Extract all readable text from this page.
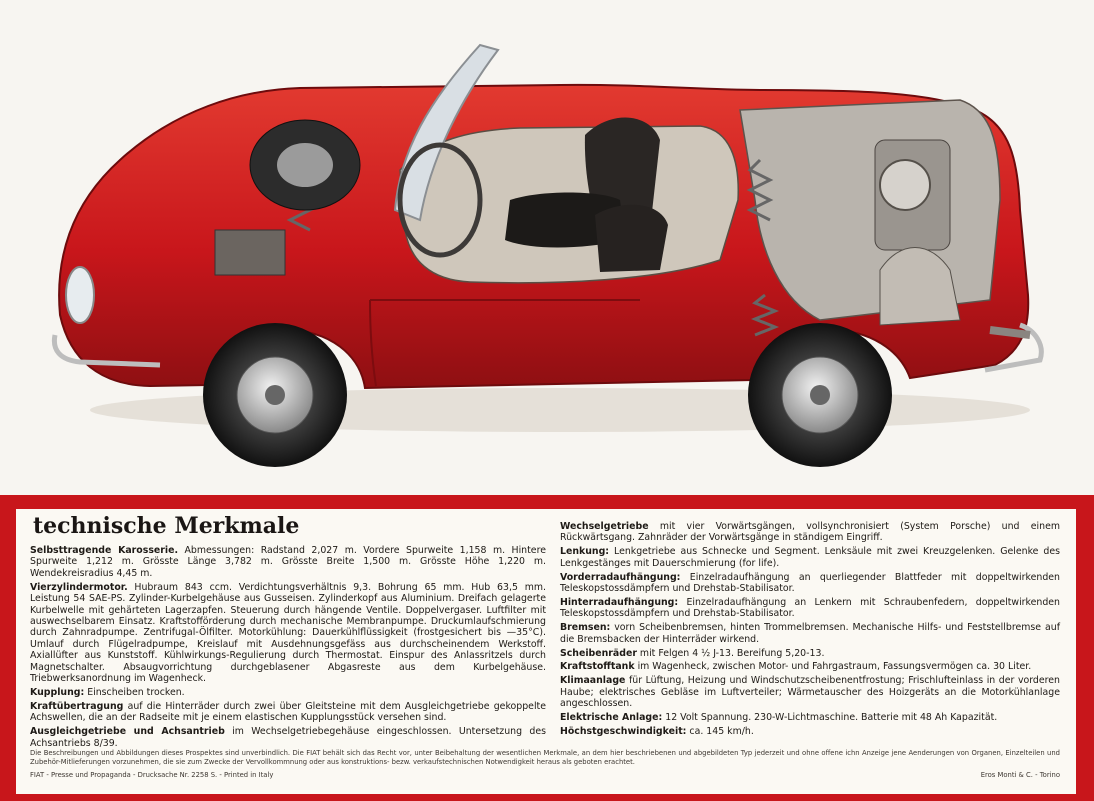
technische Merkmale

Selbsttragende Karosserie. Abmessungen: Radstand 2,027 m. Vordere Spurweite 1,158 m. Hintere Spurweite 1,212 m. Grösste Länge 3,782 m. Grösste Breite 1,500 m. Grösste Höhe 1,220 m. Wendekreisradius 4,45 m.

Vierzylindermotor. Hubraum 843 ccm. Verdichtungsverhältnis 9,3. Bohrung 65 mm. Hub 63,5 mm. Leistung 54 SAE-PS. Zylinder-Kurbelgehäuse aus Gusseisen. Zylinderkopf aus Aluminium. Dreifach gelagerte Kurbelwelle mit gehärteten Lagerzapfen. Steuerung durch hängende Ventile. Doppelvergaser. Luftfilter mit auswechselbarem Einsatz. Kraftstofförderung durch mechanische Membranpumpe. Druckumlaufschmierung durch Zahnradpumpe. Zentrifugal-Ölfilter. Motorkühlung: Dauerkühlflüssigkeit (frostgesichert bis —35°C). Umlauf durch Flügelradpumpe, Kreislauf mit Ausdehnungsgefäss aus durchscheinendem Werkstoff. Axiallüfter aus Kunststoff. Kühlwirkungs-Regulierung durch Thermostat. Einspur des Anlassritzels durch Magnetschalter. Absaugvorrichtung durchgeblasener Abgasreste aus dem Kurbelgehäuse. Triebwerksanordnung im Wagenheck.

Kupplung: Einscheiben trocken.

Kraftübertragung auf die Hinterräder durch zwei über Gleitsteine mit dem Ausgleichgetriebe gekoppelte Achswellen, die an der Radseite mit je einem elastischen Kupplungsstück versehen sind.

Ausgleichgetriebe und Achsantrieb im Wechselgetriebegehäuse eingeschlossen. Untersetzung des Achsantriebs 8/39.

Wechselgetriebe mit vier Vorwärtsgängen, vollsynchronisiert (System Porsche) und einem Rückwärtsgang. Zahnräder der Vorwärtsgänge in ständigem Eingriff.

Lenkung: Lenkgetriebe aus Schnecke und Segment. Lenksäule mit zwei Kreuzgelenken. Gelenke des Lenkgestänges mit Dauerschmierung (for life).

Vorderradaufhängung: Einzelradaufhängung an querliegender Blattfeder mit doppeltwirkenden Teleskopstossdämpfern und Drehstab-Stabilisator.

Hinterradaufhängung: Einzelradaufhängung an Lenkern mit Schraubenfedern, doppeltwirkenden Teleskopstossdämpfern und Drehstab-Stabilisator.

Bremsen: vorn Scheibenbremsen, hinten Trommelbremsen. Mechanische Hilfs- und Feststellbremse auf die Bremsbacken der Hinterräder wirkend.

Scheibenräder mit Felgen 4 ½ J-13. Bereifung 5,20-13.

Kraftstofftank im Wagenheck, zwischen Motor- und Fahrgastraum, Fassungsvermögen ca. 30 Liter.

Klimaanlage für Lüftung, Heizung und Windschutzscheibenentfrostung; Frischlufteinlass in der vorderen Haube; elektrisches Gebläse im Luftverteiler; Wärmetauscher des Hoizgeräts an die Motorkühlanlage angeschlossen.

Elektrische Anlage: 12 Volt Spannung. 230-W-Lichtmaschine. Batterie mit 48 Ah Kapazität.

Höchstgeschwindigkeit: ca. 145 km/h.

Die Beschreibungen und Abbildungen dieses Prospektes sind unverbindlich. Die FIAT behält sich das Recht vor, unter Beibehaltung der wesentlichen Merkmale, an dem hier beschriebenen und abgebildeten Typ jederzeit und ohne offene ichn Anzeige jene Aenderungen von Organen, Einzelteilen und Zubehör-Mitlieferungen vorzunehmen, die sie zum Zwecke der Vervollkommnung oder aus konstruktions- bezw. verkaufstechnischen Notwendigkeit heraus als geboten erachtet.
FIAT - Presse und Propaganda - Drucksache Nr. 2258 S. - Printed in Italy	Eros Monti & C. - Torino
